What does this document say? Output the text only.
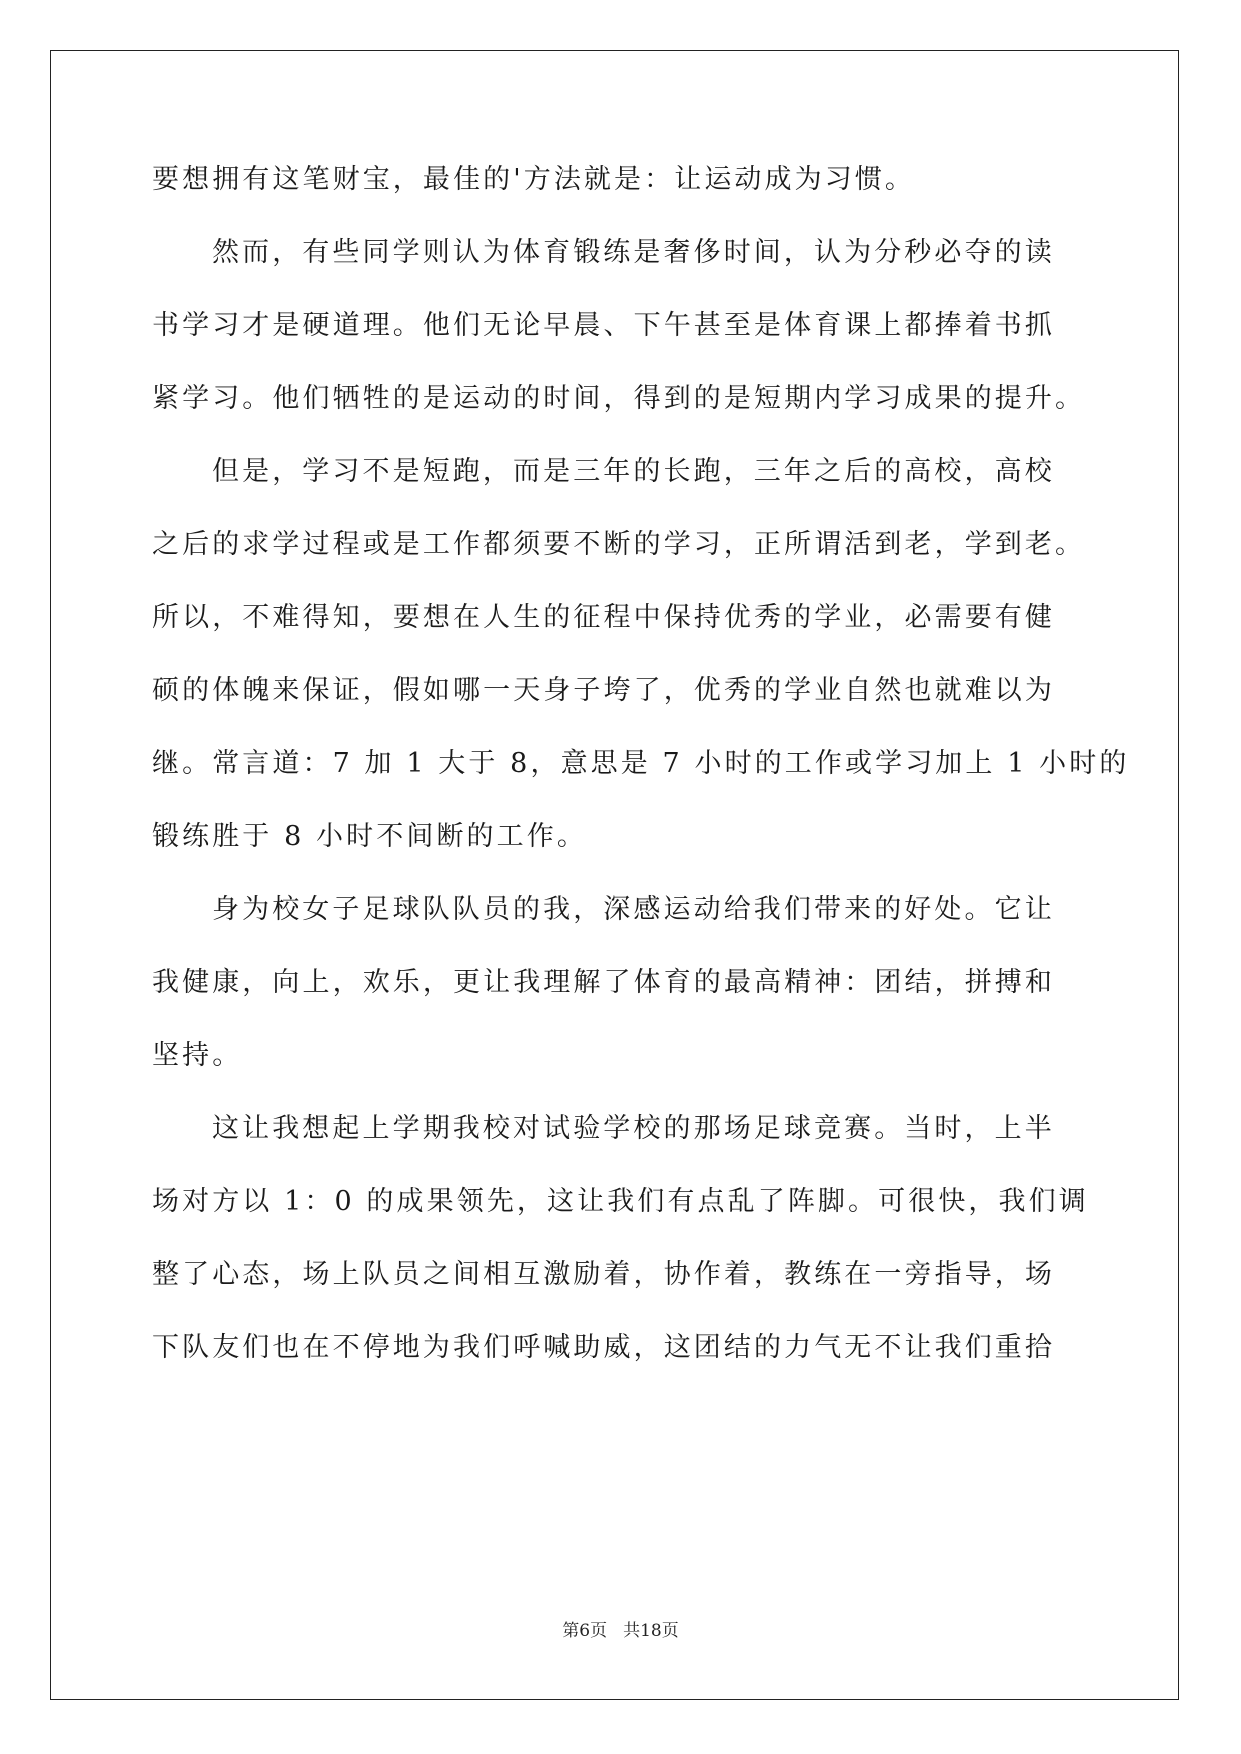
要想拥有这笔财宝，最佳的'方法就是：让运动成为习惯。
然而，有些同学则认为体育锻练是奢侈时间，认为分秒必夺的读
书学习才是硬道理。他们无论早晨、下午甚至是体育课上都捧着书抓
紧学习。他们牺牲的是运动的时间，得到的是短期内学习成果的提升。
但是，学习不是短跑，而是三年的长跑，三年之后的高校，高校
之后的求学过程或是工作都须要不断的学习，正所谓活到老，学到老。
所以，不难得知，要想在人生的征程中保持优秀的学业，必需要有健
硕的体魄来保证，假如哪一天身子垮了，优秀的学业自然也就难以为
继。常言道：7 加 1 大于 8，意思是 7 小时的工作或学习加上 1 小时的
锻练胜于 8 小时不间断的工作。
身为校女子足球队队员的我，深感运动给我们带来的好处。它让
我健康，向上，欢乐，更让我理解了体育的最高精神：团结，拼搏和
坚持。
这让我想起上学期我校对试验学校的那场足球竞赛。当时，上半
场对方以 1：0 的成果领先，这让我们有点乱了阵脚。可很快，我们调
整了心态，场上队员之间相互激励着，协作着，教练在一旁指导，场
下队友们也在不停地为我们呼喊助威，这团结的力气无不让我们重拾
第6页 共18页
